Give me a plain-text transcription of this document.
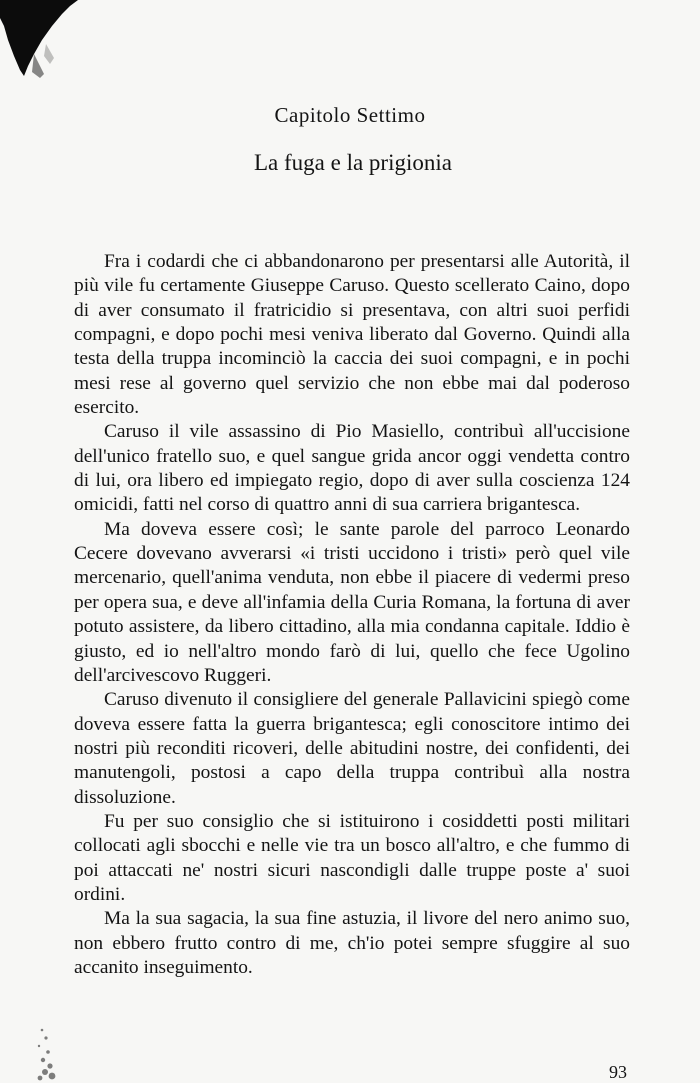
Capitolo Settimo
La fuga e la prigionia

Fra i codardi che ci abbandonarono per presentarsi alle Autorità, il più vile fu certamente Giuseppe Caruso. Questo scellerato Caino, dopo di aver consumato il fratricidio si presentava, con altri suoi perfidi compagni, e dopo pochi mesi veniva liberato dal Governo. Quindi alla testa della truppa incominciò la caccia dei suoi compagni, e in pochi mesi rese al governo quel servizio che non ebbe mai dal poderoso esercito.

Caruso il vile assassino di Pio Masiello, contribuì all'uccisione dell'unico fratello suo, e quel sangue grida ancor oggi vendetta contro di lui, ora libero ed impiegato regio, dopo di aver sulla coscienza 124 omicidi, fatti nel corso di quattro anni di sua carriera brigantesca.

Ma doveva essere così; le sante parole del parroco Leonardo Cecere dovevano avverarsi «i tristi uccidono i tristi» però quel vile mercenario, quell'anima venduta, non ebbe il piacere di vedermi preso per opera sua, e deve all'infamia della Curia Romana, la fortuna di aver potuto assistere, da libero cittadino, alla mia condanna capitale. Iddio è giusto, ed io nell'altro mondo farò di lui, quello che fece Ugolino dell'arcivescovo Ruggeri.

Caruso divenuto il consigliere del generale Pallavicini spiegò come doveva essere fatta la guerra brigantesca; egli conoscitore intimo dei nostri più reconditi ricoveri, delle abitudini nostre, dei confidenti, dei manutengoli, postosi a capo della truppa contribuì alla nostra dissoluzione.

Fu per suo consiglio che si istituirono i cosiddetti posti militari collocati agli sbocchi e nelle vie tra un bosco all'altro, e che fummo di poi attaccati ne' nostri sicuri nascondigli dalle truppe poste a' suoi ordini.

Ma la sua sagacia, la sua fine astuzia, il livore del nero animo suo, non ebbero frutto contro di me, ch'io potei sempre sfuggire al suo accanito inseguimento.

93
